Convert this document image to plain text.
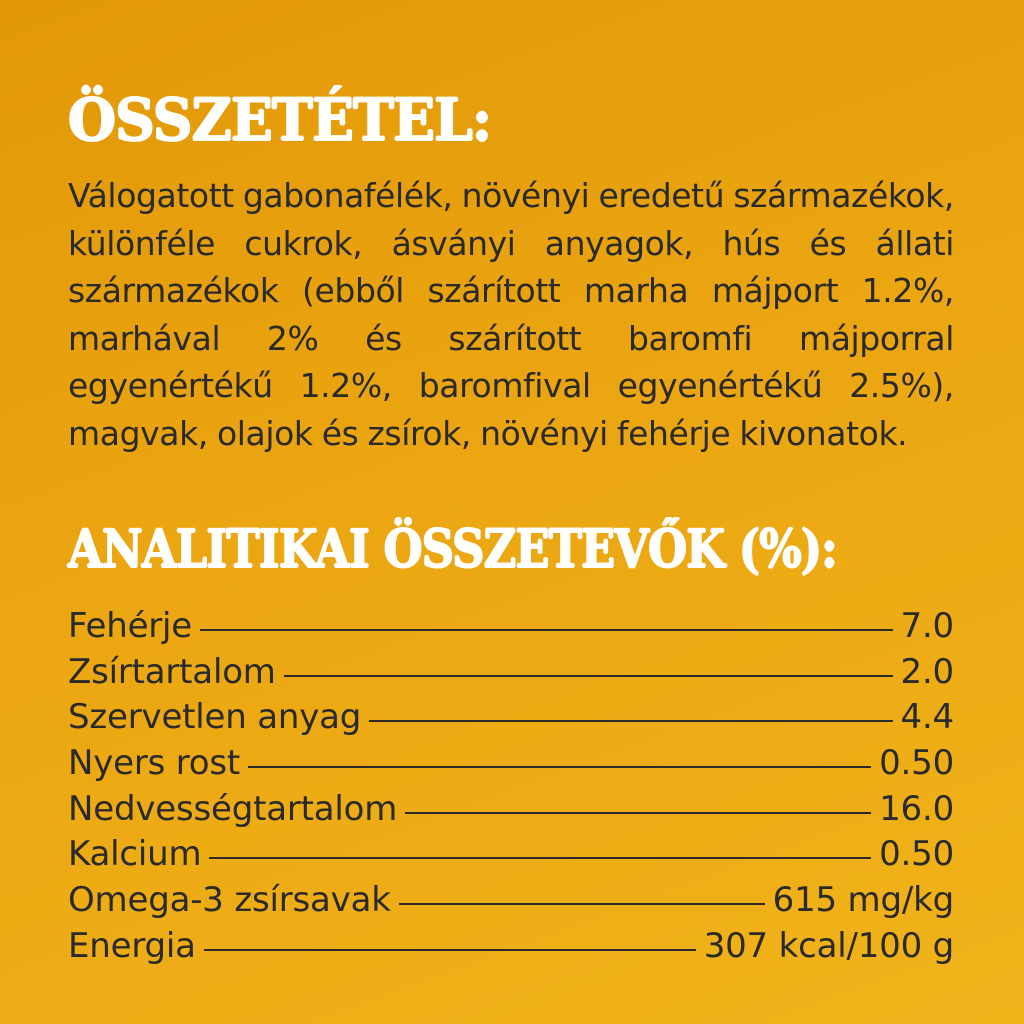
ÖSSZETÉTEL:

Válogatott gabonafélék, növényi eredetű származékok, különféle cukrok, ásványi anyagok, hús és állati származékok (ebből szárított marha májport 1.2%, marhával 2% és szárított baromfi májporral egyenértékű 1.2%, baromfival egyenértékű 2.5%), magvak, olajok és zsírok, növényi fehérje kivonatok.

ANALITIKAI ÖSSZETEVŐK (%):
Fehérje	7.0
Zsírtartalom	2.0
Szervetlen anyag	4.4
Nyers rost	0.50
Nedvességtartalom	16.0
Kalcium	0.50
Omega-3 zsírsavak	615 mg/kg
Energia	307 kcal/100 g
